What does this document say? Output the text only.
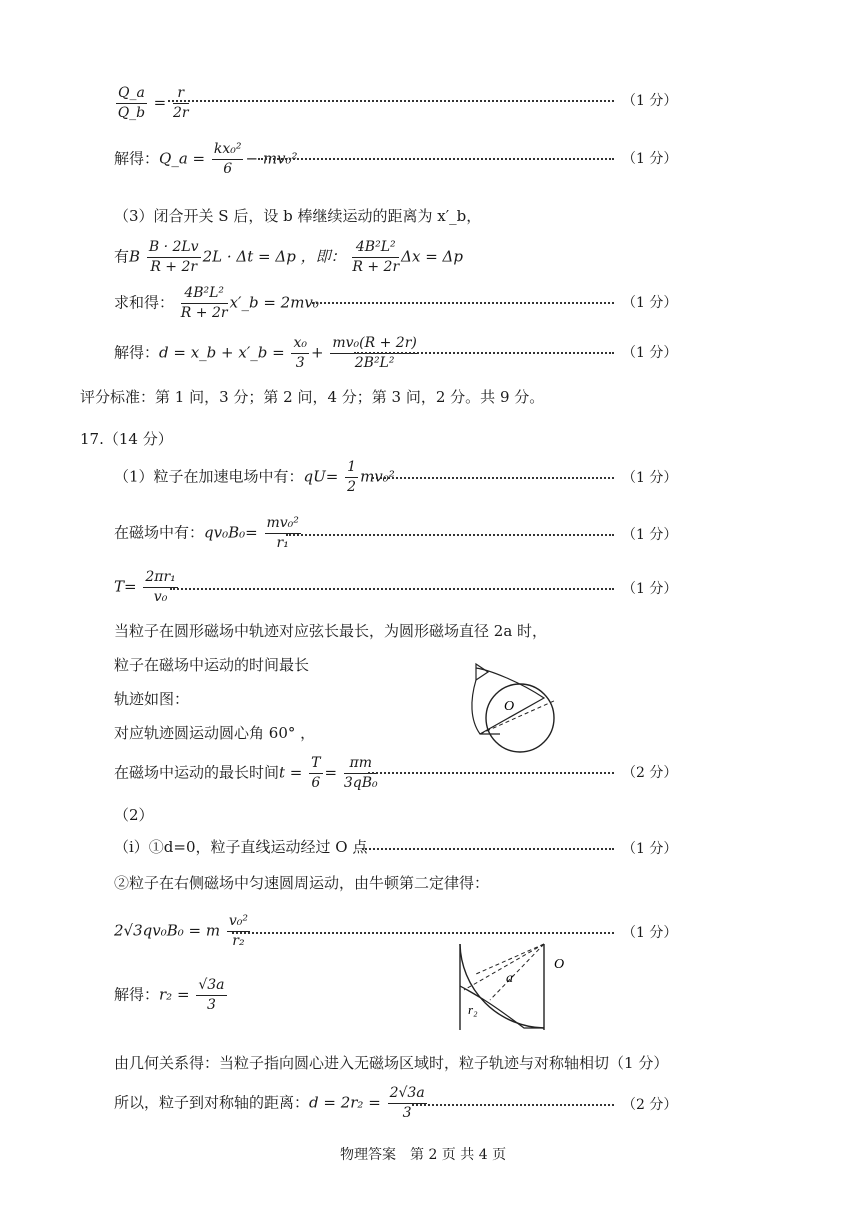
$\frac{Q\_a}{Q\_b} = \frac{r}{2r}$	（1 分）
解得：Q_a = $\frac{\text{kx₀²}}{6} - mv_0^2$	（1 分）
（3）闭合开关 S 后，设 b 棒继续运动的距离为 x′_b，
有B $\frac{B \cdot 2Lv}{R + 2r} 2L \cdot \Delta t = \Delta p$ ，即： $\frac{\text{4B²L²}}{R + 2r}$ Δx = Δp
求和得： $\frac{\text{4B²L²}}{R + 2r}$ x′_b = 2mv₀	（1 分）
解得：d = x_b + x′_b = $\frac{\text{x₀}}{3} + \frac{\text{mv₀(R + 2r)}}{\text{2B²L²}}$	（1 分）
评分标准：第 1 问，3 分；第 2 问，4 分；第 3 问，2 分。共 9 分。
17.（14 分）
（1）粒子在加速电场中有：$qU= \frac{1}{2} mv_0^2$	（1 分）
在磁场中有：$qv_0B_0= \frac{\text{mv₀²}}{\text{r₁}}$	（1 分）
$T= \frac{\text{2πr₁}}{\text{v₀}}$	（1 分）
当粒子在圆形磁场中轨迹对应弦长最长，为圆形磁场直径 2a 时，
粒子在磁场中运动的时间最长
轨迹如图：
对应轨迹圆运动圆心角 60° ，
O
在磁场中运动的最长时间$t = \frac{T}{6} = \frac{\pi m}{\text{3qB₀}}$	（2 分）
（2）
（i）①d=0，粒子直线运动经过 O 点	（1 分）
②粒子在右侧磁场中匀速圆周运动，由牛顿第二定律得：
2√3qv₀B₀ = m $\frac{\text{v₀²}}{\text{r₂}}$	（1 分）
解得：$r_2 = \frac{√3a}{3}$
O
a
r₂
由几何关系得：当粒子指向圆心进入无磁场区域时，粒子轨迹与对称轴相切（1 分）
所以，粒子到对称轴的距离：$d = 2r_2 = \frac{2√3a}{3}$	（2 分）
物理答案　第 2 页 共 4 页
